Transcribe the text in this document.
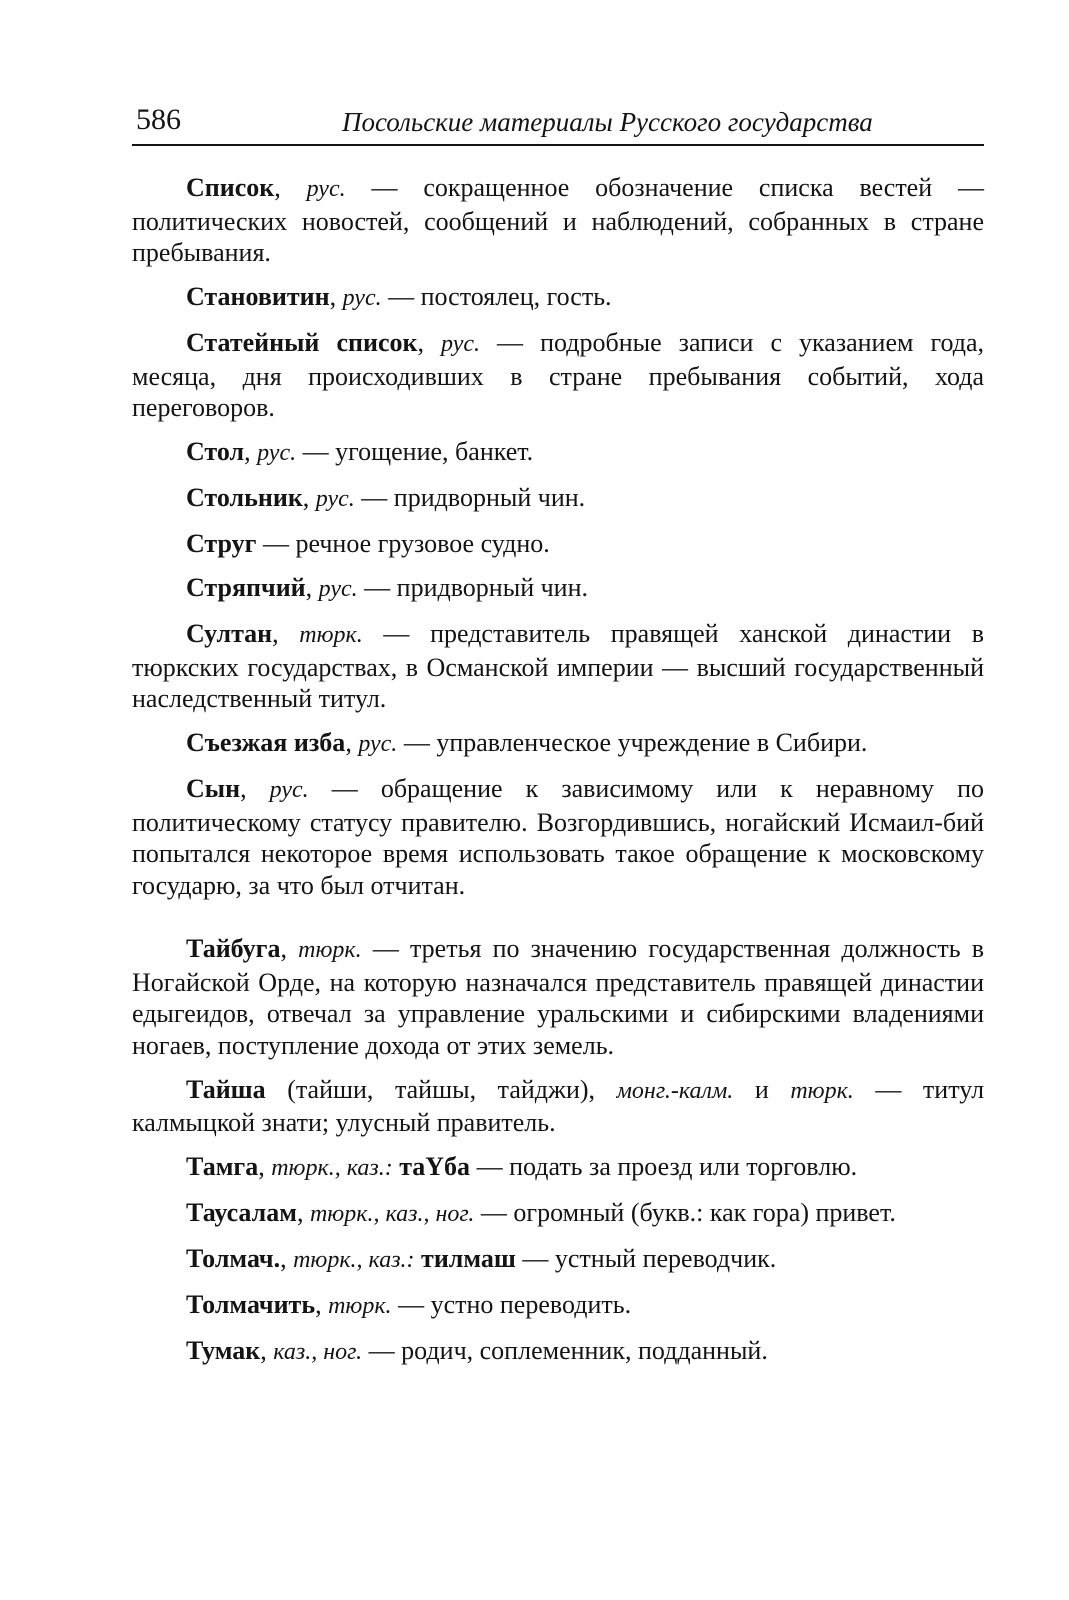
586	Посольские материалы Русского государства

Список, рус. — сокращенное обозначение списка вестей — политических новостей, сообщений и наблюдений, собранных в стране пребывания.

Становитин, рус. — постоялец, гость.

Статейный список, рус. — подробные записи с указанием года, месяца, дня происходивших в стране пребывания событий, хода переговоров.

Стол, рус. — угощение, банкет.

Стольник, рус. — придворный чин.

Струг — речное грузовое судно.

Стряпчий, рус. — придворный чин.

Султан, тюрк. — представитель правящей ханской династии в тюркских государствах, в Османской империи — высший государственный наследственный титул.

Съезжая изба, рус. — управленческое учреждение в Сибири.

Сын, рус. — обращение к зависимому или к неравному по политическому статусу правителю. Возгордившись, ногайский Исмаил-бий попытался некоторое время использовать такое обращение к московскому государю, за что был отчитан.

Тайбуга, тюрк. — третья по значению государственная должность в Ногайской Орде, на которую назначался представитель правящей династии едыгеидов, отвечал за управление уральскими и сибирскими владениями ногаев, поступление дохода от этих земель.

Тайша (тайши, тайшы, тайджи), монг.-калм. и тюрк. — титул калмыцкой знати; улусный правитель.

Тамга, тюрк., каз.: таҮба — подать за проезд или торговлю.

Таусалам, тюрк., каз., ног. — огромный (букв.: как гора) привет.

Толмач., тюрк., каз.: тилмаш — устный переводчик.

Толмачить, тюрк. — устно переводить.

Тумак, каз., ног. — родич, соплеменник, подданный.
